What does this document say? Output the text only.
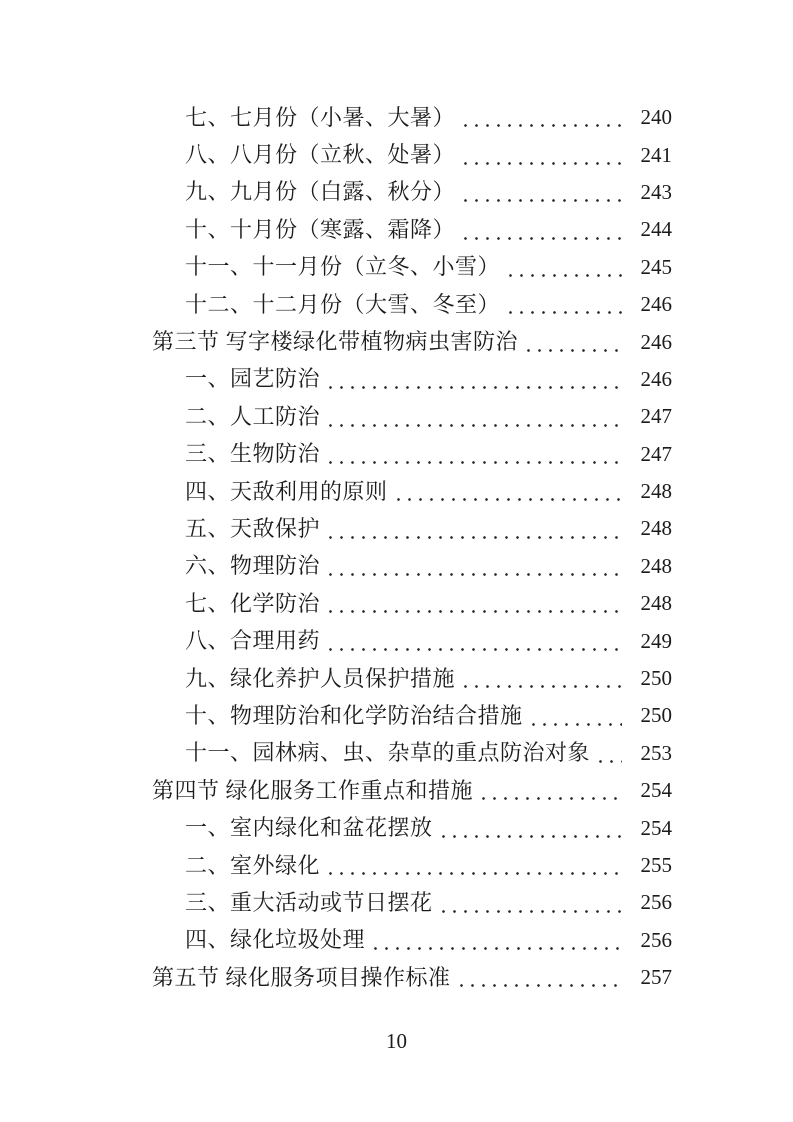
七、七月份（小暑、大暑）	240
八、八月份（立秋、处暑）	241
九、九月份（白露、秋分）	243
十、十月份（寒露、霜降）	244
十一、十一月份（立冬、小雪）	245
十二、十二月份（大雪、冬至）	246
第三节 写字楼绿化带植物病虫害防治	246
一、园艺防治	246
二、人工防治	247
三、生物防治	247
四、天敌利用的原则	248
五、天敌保护	248
六、物理防治	248
七、化学防治	248
八、合理用药	249
九、绿化养护人员保护措施	250
十、物理防治和化学防治结合措施	250
十一、园林病、虫、杂草的重点防治对象	253
第四节 绿化服务工作重点和措施	254
一、室内绿化和盆花摆放	254
二、室外绿化	255
三、重大活动或节日摆花	256
四、绿化垃圾处理	256
第五节 绿化服务项目操作标准	257
10
